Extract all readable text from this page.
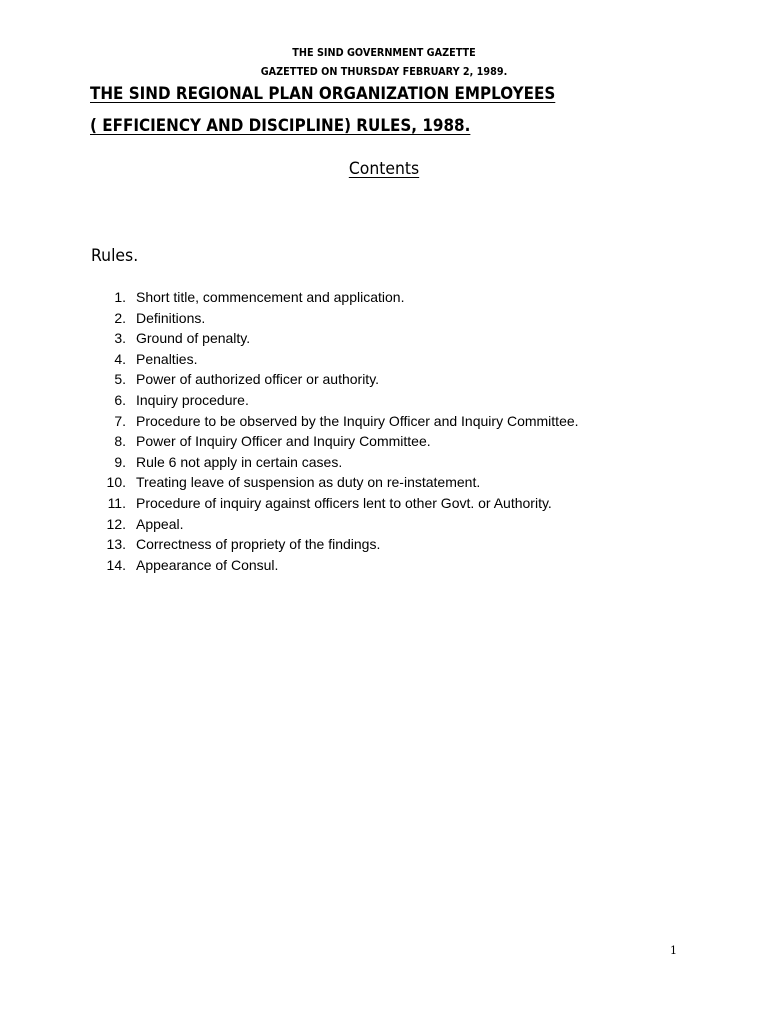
THE SIND GOVERNMENT GAZETTE
GAZETTED ON THURSDAY FEBRUARY 2, 1989.
THE SIND REGIONAL PLAN ORGANIZATION EMPLOYEES
( EFFICIENCY AND DISCIPLINE) RULES, 1988.
Contents
Rules.
1. Short title, commencement and application.
2. Definitions.
3. Ground of penalty.
4. Penalties.
5. Power of authorized officer or authority.
6. Inquiry procedure.
7. Procedure to be observed by the Inquiry Officer and Inquiry Committee.
8. Power of Inquiry Officer and Inquiry Committee.
9. Rule 6 not apply in certain cases.
10. Treating leave of suspension as duty on re-instatement.
11. Procedure of inquiry against officers lent to other Govt. or Authority.
12. Appeal.
13. Correctness of propriety of the findings.
14. Appearance of Consul.
1
